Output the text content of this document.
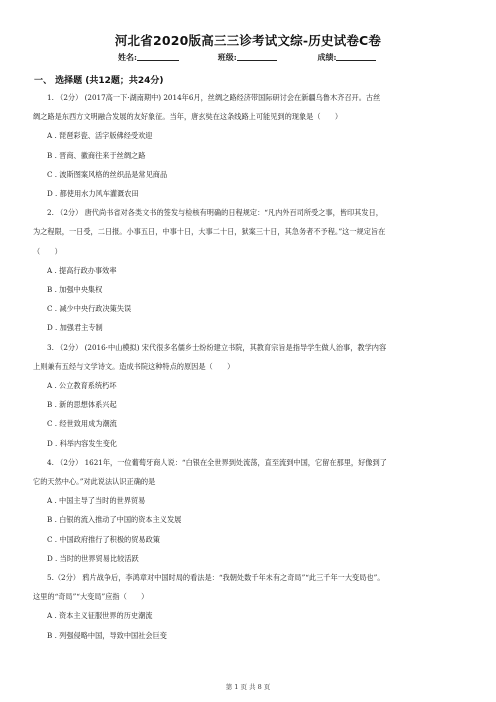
河北省2020版高三三诊考试文综-历史试卷C卷
姓名:	班级:	成绩:
一、 选择题 (共12题；共24分)
1. （2分） (2017高一下·湖南期中) 2014年6月，丝绸之路经济带国际研讨会在新疆乌鲁木齐召开。古丝
绸之路是东西方文明融合发展的友好象征。当年，唐玄奘在这条线路上可能见到的现象是（　　）
A . 琵琶彩瓷、活字版佛经受欢迎
B . 晋商、徽商往来于丝绸之路
C . 波斯图案风格的丝织品是常见商品
D . 都使用水力风车灌溉农田
2. （2分） 唐代尚书省对各类文书的签发与检核有明确的日程规定：“凡内外百司所受之事，皆印其发日，
为之程限，一日受，二日报。小事五日，中事十日，大事二十日，狱案三十日，其急务者不予程。”这一规定旨在
（　　）
A . 提高行政办事效率
B . 加强中央集权
C . 减少中央行政决策失误
D . 加强君主专制
3. （2分） (2016·中山模拟) 宋代很多名儒乡士纷纷建立书院，其教育宗旨是指导学生做人治事，教学内容
上则兼有五经与文学诗文。造成书院这种特点的原因是（　　）
A . 公立教育系统朽坏
B . 新的思想体系兴起
C . 经世致用成为潮流
D . 科举内容发生变化
4. （2分） 1621年，一位葡萄牙商人说：“白银在全世界到处流荡，直至流到中国，它留在那里，好像到了
它的天然中心。”对此说法认识正确的是
A . 中国主导了当时的世界贸易
B . 白银的流入推动了中国的资本主义发展
C . 中国政府推行了积极的贸易政策
D . 当时的世界贸易比较活跃
5.（2分） 鸦片战争后，李鸿章对中国时局的看法是：“我朝处数千年未有之奇局”“此三千年一大变局也”。
这里的“奇局”“大变局”应指（　　）
A . 资本主义征服世界的历史潮流
B . 列强侵略中国，导致中国社会巨变
第 1 页 共 8 页
